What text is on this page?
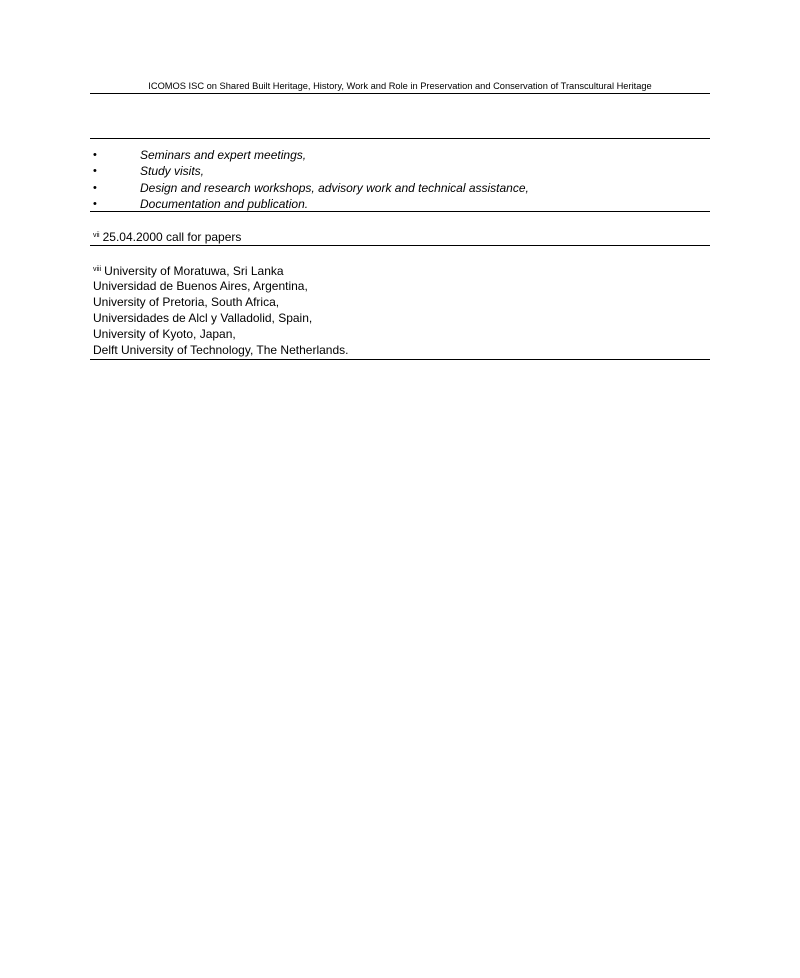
ICOMOS ISC on Shared Built Heritage, History, Work and Role in Preservation and Conservation of Transcultural Heritage
•	Seminars and expert meetings,
•	Study visits,
•	Design and research workshops, advisory work and technical assistance,
•	Documentation and publication.
$^{vii}$ 25.04.2000 call for papers
$^{viii}$ University of Moratuwa, Sri Lanka
Universidad de Buenos Aires, Argentina,
University of Pretoria, South Africa,
Universidades de Alcl y Valladolid, Spain,
University of Kyoto, Japan,
Delft University of Technology, The Netherlands.
